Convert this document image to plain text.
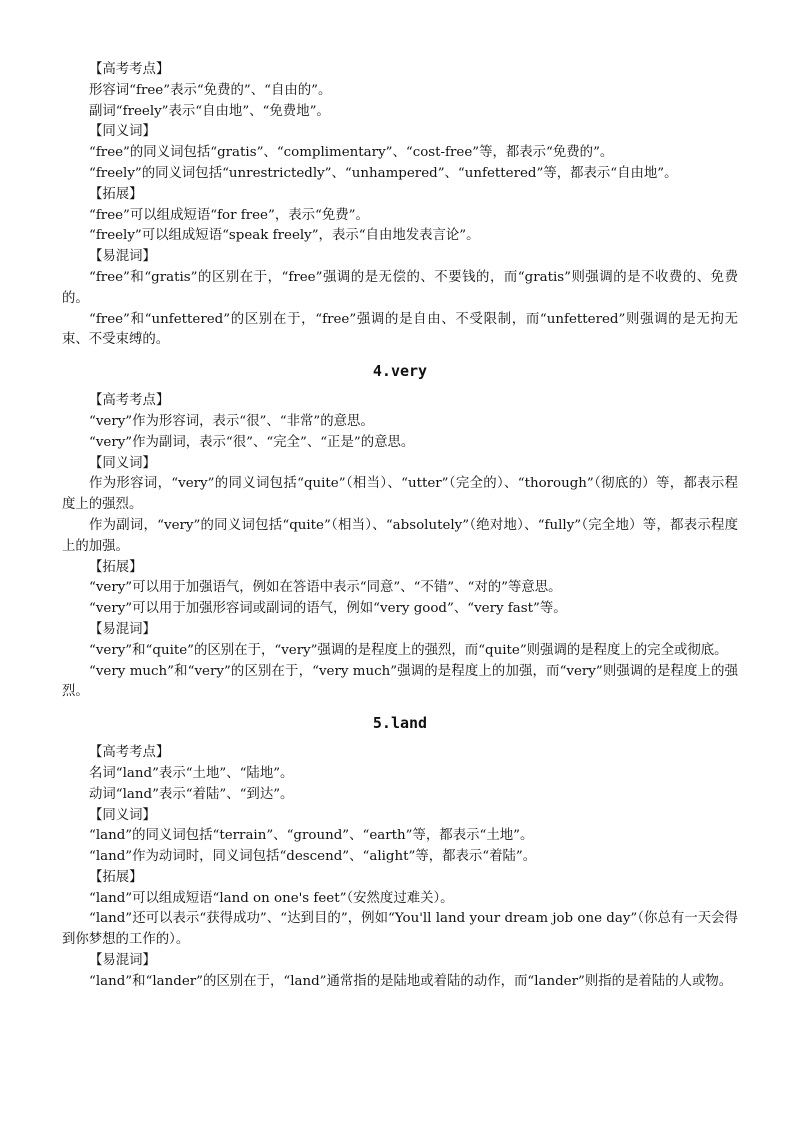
【高考考点】

形容词“free”表示“免费的”、“自由的”。

副词“freely”表示“自由地”、“免费地”。

【同义词】

“free”的同义词包括“gratis”、“complimentary”、“cost-free”等，都表示“免费的”。

“freely”的同义词包括“unrestrictedly”、“unhampered”、“unfettered”等，都表示“自由地”。

【拓展】

“free”可以组成短语“for free”，表示“免费”。

“freely”可以组成短语“speak freely”，表示“自由地发表言论”。

【易混词】

“free”和“gratis”的区别在于，“free”强调的是无偿的、不要钱的，而“gratis”则强调的是不收费的、免费的。

“free”和“unfettered”的区别在于，“free”强调的是自由、不受限制，而“unfettered”则强调的是无拘无束、不受束缚的。

4.very

【高考考点】

“very”作为形容词，表示“很”、“非常”的意思。

“very”作为副词，表示“很”、“完全”、“正是”的意思。

【同义词】

作为形容词，“very”的同义词包括“quite”（相当）、“utter”（完全的）、“thorough”（彻底的）等，都表示程度上的强烈。

作为副词，“very”的同义词包括“quite”（相当）、“absolutely”（绝对地）、“fully”（完全地）等，都表示程度上的加强。

【拓展】

“very”可以用于加强语气，例如在答语中表示“同意”、“不错”、“对的”等意思。

“very”可以用于加强形容词或副词的语气，例如“very good”、“very fast”等。

【易混词】

“very”和“quite”的区别在于，“very”强调的是程度上的强烈，而“quite”则强调的是程度上的完全或彻底。

“very much”和“very”的区别在于，“very much”强调的是程度上的加强，而“very”则强调的是程度上的强烈。

5.land

【高考考点】

名词“land”表示“土地”、“陆地”。

动词“land”表示“着陆”、“到达”。

【同义词】

“land”的同义词包括“terrain”、“ground”、“earth”等，都表示“土地”。

“land”作为动词时，同义词包括“descend”、“alight”等，都表示“着陆”。

【拓展】

“land”可以组成短语“land on one's feet”（安然度过难关）。

“land”还可以表示“获得成功”、“达到目的”，例如“You'll land your dream job one day”（你总有一天会得到你梦想的工作的）。

【易混词】

“land”和“lander”的区别在于，“land”通常指的是陆地或着陆的动作，而“lander”则指的是着陆的人或物。
